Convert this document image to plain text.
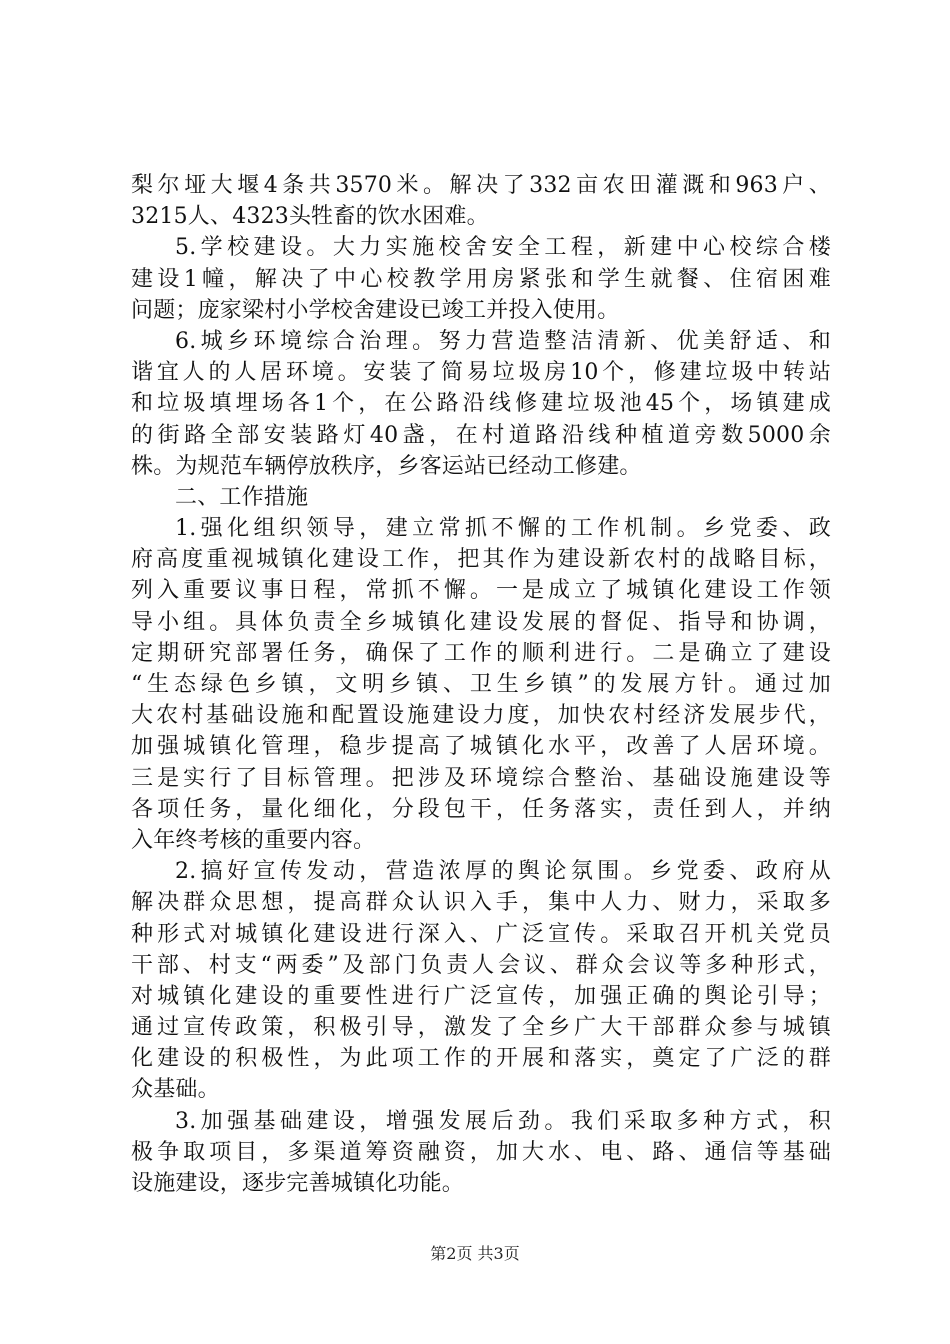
梨尔垭大堰4条共3570米。解决了332亩农田灌溉和963户、
3215人、4323头牲畜的饮水困难。
5.学校建设。大力实施校舍安全工程，新建中心校综合楼
建设1幢，解决了中心校教学用房紧张和学生就餐、住宿困难
问题；庞家梁村小学校舍建设已竣工并投入使用。
6.城乡环境综合治理。努力营造整洁清新、优美舒适、和
谐宜人的人居环境。安装了简易垃圾房10个，修建垃圾中转站
和垃圾填埋场各1个，在公路沿线修建垃圾池45个，场镇建成
的街路全部安装路灯40盏，在村道路沿线种植道旁数5000余
株。为规范车辆停放秩序，乡客运站已经动工修建。
二、工作措施
1.强化组织领导，建立常抓不懈的工作机制。乡党委、政
府高度重视城镇化建设工作，把其作为建设新农村的战略目标，
列入重要议事日程，常抓不懈。一是成立了城镇化建设工作领
导小组。具体负责全乡城镇化建设发展的督促、指导和协调，
定期研究部署任务，确保了工作的顺利进行。二是确立了建设
“生态绿色乡镇，文明乡镇、卫生乡镇”的发展方针。通过加
大农村基础设施和配置设施建设力度，加快农村经济发展步代，
加强城镇化管理，稳步提高了城镇化水平，改善了人居环境。
三是实行了目标管理。把涉及环境综合整治、基础设施建设等
各项任务，量化细化，分段包干，任务落实，责任到人，并纳
入年终考核的重要内容。
2.搞好宣传发动，营造浓厚的舆论氛围。乡党委、政府从
解决群众思想，提高群众认识入手，集中人力、财力，采取多
种形式对城镇化建设进行深入、广泛宣传。采取召开机关党员
干部、村支“两委”及部门负责人会议、群众会议等多种形式，
对城镇化建设的重要性进行广泛宣传，加强正确的舆论引导；
通过宣传政策，积极引导，激发了全乡广大干部群众参与城镇
化建设的积极性，为此项工作的开展和落实，奠定了广泛的群
众基础。
3.加强基础建设，增强发展后劲。我们采取多种方式，积
极争取项目，多渠道筹资融资，加大水、电、路、通信等基础
设施建设，逐步完善城镇化功能。
第2页 共3页
